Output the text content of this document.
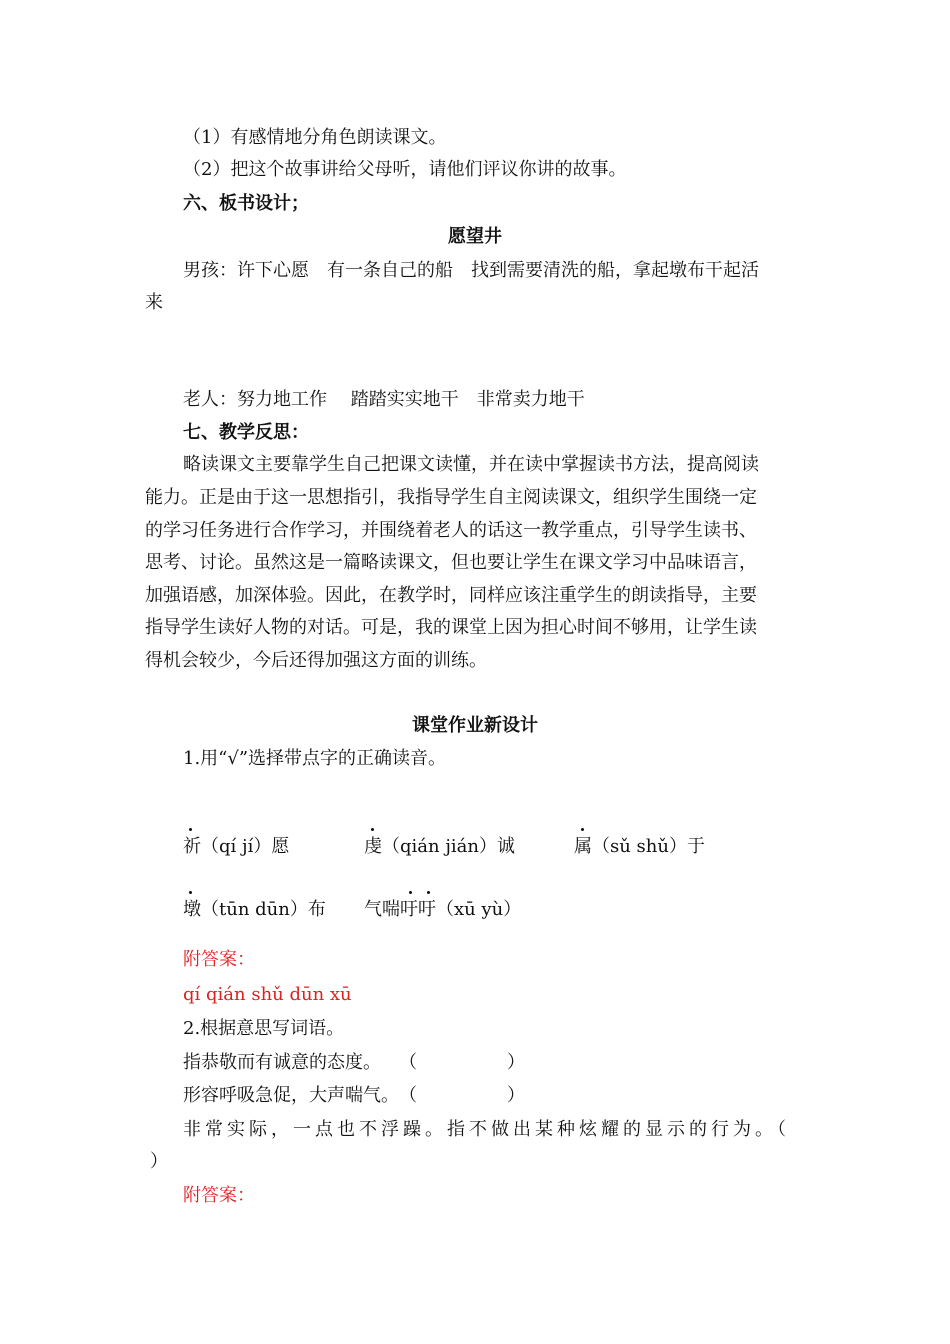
（1）有感情地分角色朗读课文。
（2）把这个故事讲给父母听，请他们评议你讲的故事。
六、板书设计；
愿望井
男孩：许下心愿　有一条自己的船　找到需要清洗的船，拿起墩布干起活
来
老人：努力地工作　 踏踏实实地干　非常卖力地干
七、教学反思：
略读课文主要靠学生自己把课文读懂，并在读中掌握读书方法，提高阅读
能力。正是由于这一思想指引，我指导学生自主阅读课文，组织学生围绕一定
的学习任务进行合作学习，并围绕着老人的话这一教学重点，引导学生读书、
思考、讨论。虽然这是一篇略读课文，但也要让学生在课文学习中品味语言，
加强语感，加深体验。因此，在教学时，同样应该注重学生的朗读指导，主要
指导学生读好人物的对话。可是，我的课堂上因为担心时间不够用，让学生读
得机会较少，今后还得加强这方面的训练。
课堂作业新设计
1.用“√”选择带点字的正确读音。
祈（qí jí）愿	虔（qián jián）诚	属（sǔ shǔ）于
墩（tūn dūn）布 气喘吁吁（xū yù）
附答案：
qí qián shǔ dūn xū
2.根据意思写词语。
指恭敬而有诚意的态度。　　（　　　　　）
形容呼吸急促，大声喘气。　（　　　　　）
非常实际，一点也不浮躁。指不做出某种炫耀的显示的行为。（
）
附答案：
